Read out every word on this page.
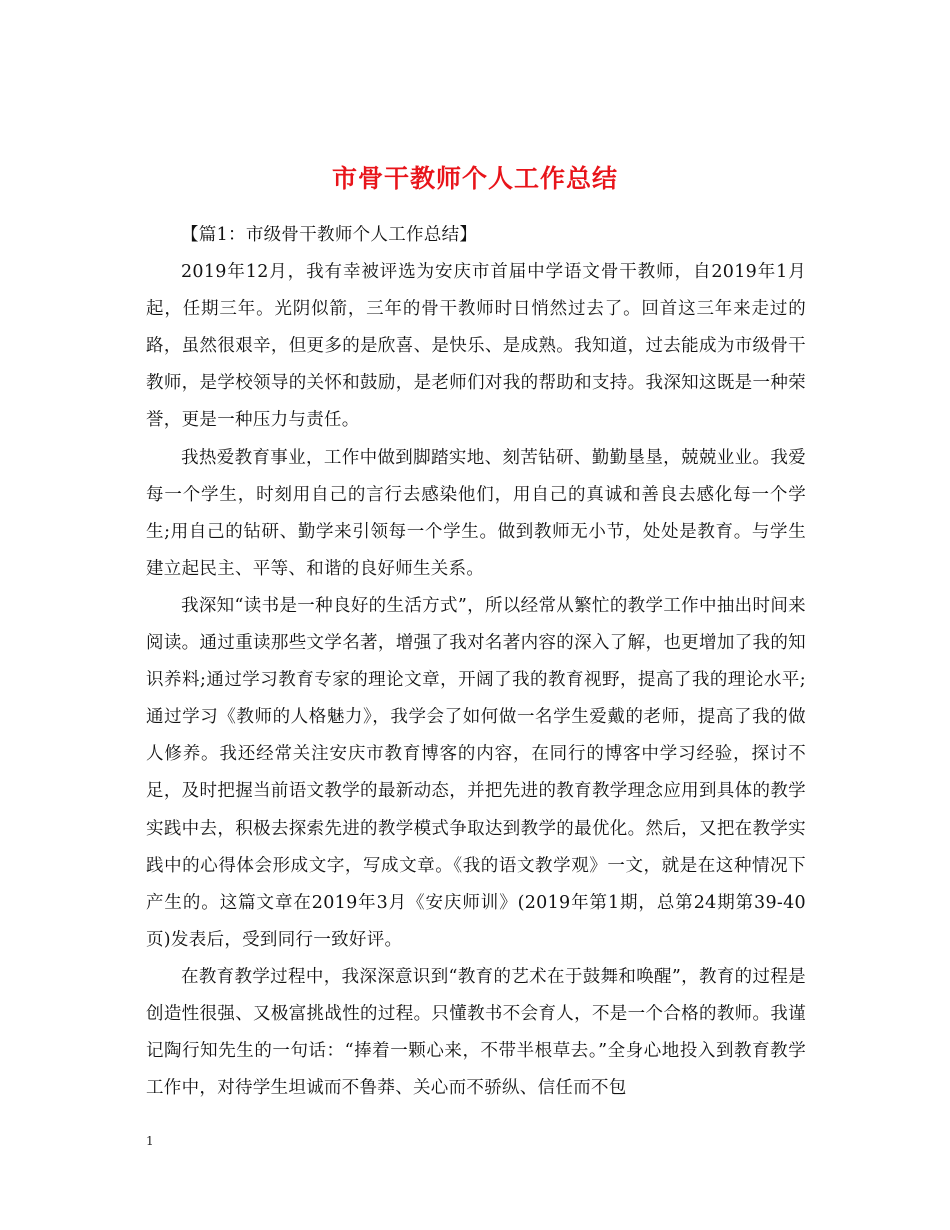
市骨干教师个人工作总结

【篇1：市级骨干教师个人工作总结】

2019年12月，我有幸被评选为安庆市首届中学语文骨干教师，自2019年1月起，任期三年。光阴似箭，三年的骨干教师时日悄然过去了。回首这三年来走过的路，虽然很艰辛，但更多的是欣喜、是快乐、是成熟。我知道，过去能成为市级骨干教师，是学校领导的关怀和鼓励，是老师们对我的帮助和支持。我深知这既是一种荣誉，更是一种压力与责任。

我热爱教育事业，工作中做到脚踏实地、刻苦钻研、勤勤垦垦，兢兢业业。我爱每一个学生，时刻用自己的言行去感染他们，用自己的真诚和善良去感化每一个学生;用自己的钻研、勤学来引领每一个学生。做到教师无小节，处处是教育。与学生建立起民主、平等、和谐的良好师生关系。

我深知“读书是一种良好的生活方式”，所以经常从繁忙的教学工作中抽出时间来阅读。通过重读那些文学名著，增强了我对名著内容的深入了解，也更增加了我的知识养料;通过学习教育专家的理论文章，开阔了我的教育视野，提高了我的理论水平;通过学习《教师的人格魅力》，我学会了如何做一名学生爱戴的老师，提高了我的做人修养。我还经常关注安庆市教育博客的内容，在同行的博客中学习经验，探讨不足，及时把握当前语文教学的最新动态，并把先进的教育教学理念应用到具体的教学实践中去，积极去探索先进的教学模式争取达到教学的最优化。然后，又把在教学实践中的心得体会形成文字，写成文章。《我的语文教学观》一文，就是在这种情况下产生的。这篇文章在2019年3月《安庆师训》(2019年第1期，总第24期第39-40页)发表后，受到同行一致好评。

在教育教学过程中，我深深意识到“教育的艺术在于鼓舞和唤醒”，教育的过程是创造性很强、又极富挑战性的过程。只懂教书不会育人，不是一个合格的教师。我谨记陶行知先生的一句话：“捧着一颗心来，不带半根草去。”全身心地投入到教育教学工作中，对待学生坦诚而不鲁莽、关心而不骄纵、信任而不包

1
